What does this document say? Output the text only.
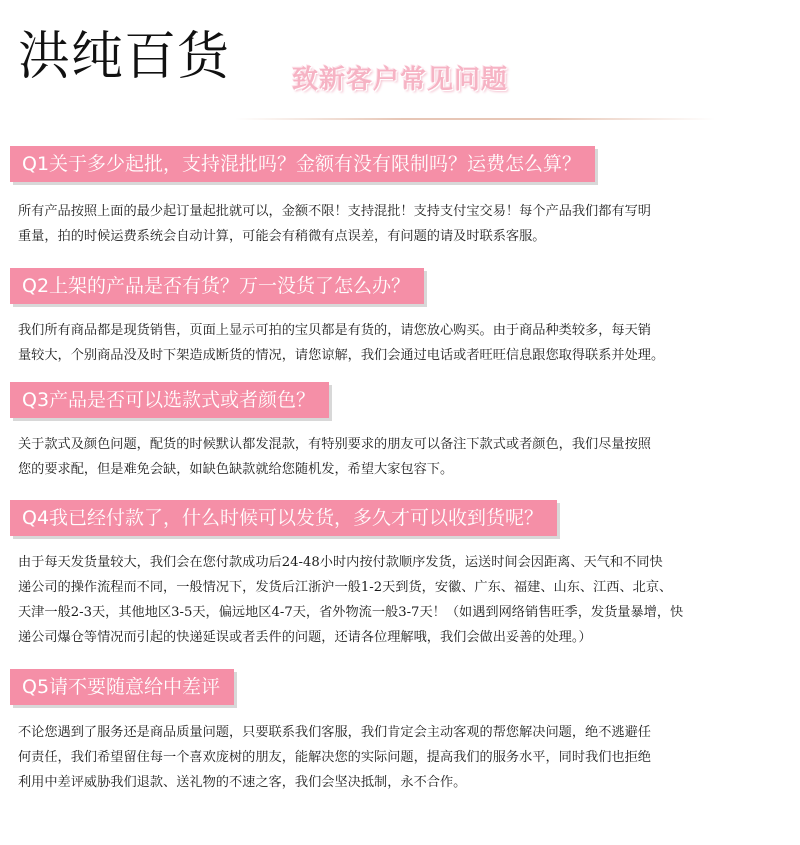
洪纯百货 致新客户常见问题
Q1关于多少起批，支持混批吗？金额有没有限制吗？运费怎么算？

所有产品按照上面的最少起订量起批就可以，金额不限！支持混批！支持支付宝交易！每个产品我们都有写明

重量，拍的时候运费系统会自动计算，可能会有稍微有点误差，有问题的请及时联系客服。

Q2上架的产品是否有货？万一没货了怎么办？

我们所有商品都是现货销售，页面上显示可拍的宝贝都是有货的，请您放心购买。由于商品种类较多，每天销

量较大，个别商品没及时下架造成断货的情况，请您谅解，我们会通过电话或者旺旺信息跟您取得联系并处理。

Q3产品是否可以选款式或者颜色？

关于款式及颜色问题，配货的时候默认都发混款，有特别要求的朋友可以备注下款式或者颜色，我们尽量按照

您的要求配，但是难免会缺，如缺色缺款就给您随机发，希望大家包容下。

Q4我已经付款了，什么时候可以发货，多久才可以收到货呢？

由于每天发货量较大，我们会在您付款成功后24-48小时内按付款顺序发货，运送时间会因距离、天气和不同快

递公司的操作流程而不同，一般情况下，发货后江浙沪一般1-2天到货，安徽、广东、福建、山东、江西、北京、

天津一般2-3天，其他地区3-5天，偏远地区4-7天，省外物流一般3-7天！（如遇到网络销售旺季，发货量暴增，快

递公司爆仓等情况而引起的快递延误或者丢件的问题，还请各位理解哦，我们会做出妥善的处理。）

Q5请不要随意给中差评

不论您遇到了服务还是商品质量问题，只要联系我们客服，我们肯定会主动客观的帮您解决问题，绝不逃避任

何责任，我们希望留住每一个喜欢庞树的朋友，能解决您的实际问题，提高我们的服务水平，同时我们也拒绝

利用中差评威胁我们退款、送礼物的不速之客，我们会坚决抵制，永不合作。
